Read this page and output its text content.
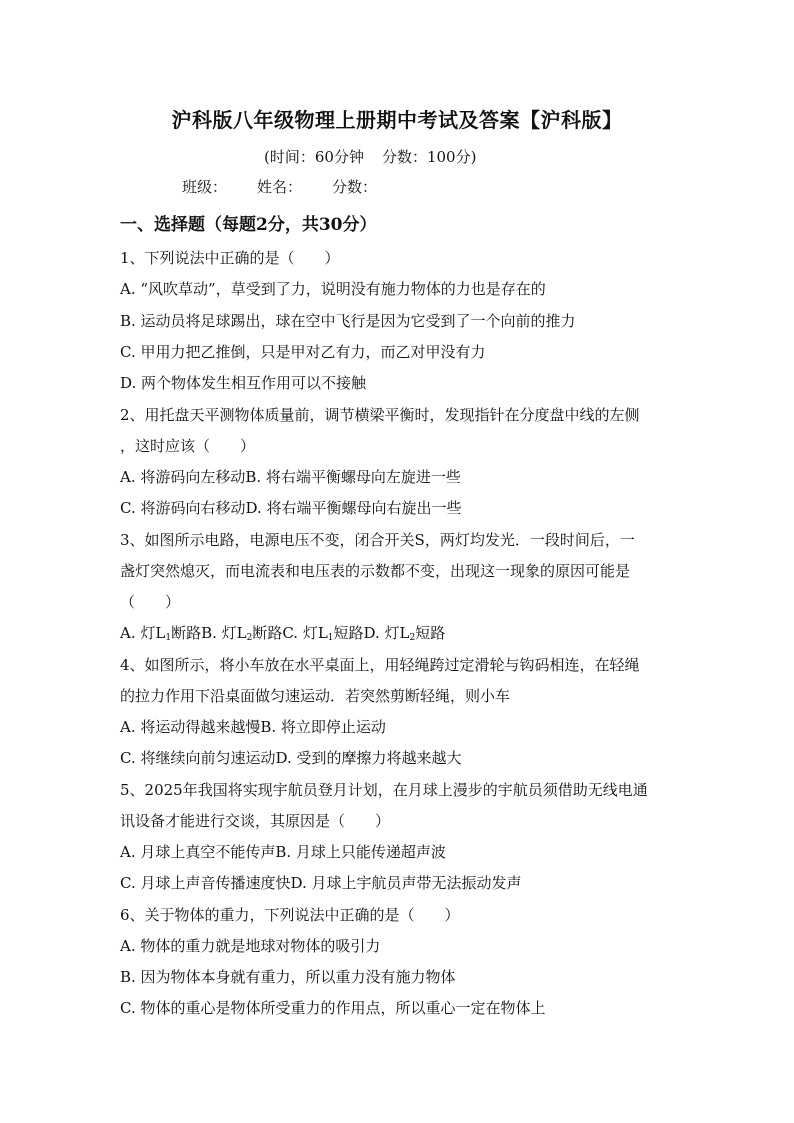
沪科版八年级物理上册期中考试及答案【沪科版】
(时间：60分钟 分数：100分)
班级： 姓名： 分数：
一、选择题（每题2分，共30分）
1、下列说法中正确的是（　　）
A. “风吹草动”，草受到了力，说明没有施力物体的力也是存在的
B. 运动员将足球踢出，球在空中飞行是因为它受到了一个向前的推力
C. 甲用力把乙推倒，只是甲对乙有力，而乙对甲没有力
D. 两个物体发生相互作用可以不接触
2、用托盘天平测物体质量前，调节横梁平衡时，发现指针在分度盘中线的左侧
，这时应该（　　）
A. 将游码向左移动B. 将右端平衡螺母向左旋进一些
C. 将游码向右移动D. 将右端平衡螺母向右旋出一些
3、如图所示电路，电源电压不变，闭合开关S，两灯均发光．一段时间后，一
盏灯突然熄灭，而电流表和电压表的示数都不变，出现这一现象的原因可能是
（　　）
A. 灯$L_1$断路B. 灯$L_2$断路C. 灯$L_1$短路D. 灯$L_2$短路
4、如图所示，将小车放在水平桌面上，用轻绳跨过定滑轮与钩码相连，在轻绳
的拉力作用下沿桌面做匀速运动．若突然剪断轻绳，则小车
A. 将运动得越来越慢B. 将立即停止运动
C. 将继续向前匀速运动D. 受到的摩擦力将越来越大
5、2025年我国将实现宇航员登月计划，在月球上漫步的宇航员须借助无线电通
讯设备才能进行交谈，其原因是（　　）
A. 月球上真空不能传声B. 月球上只能传递超声波
C. 月球上声音传播速度快D. 月球上宇航员声带无法振动发声
6、关于物体的重力，下列说法中正确的是（　　）
A. 物体的重力就是地球对物体的吸引力
B. 因为物体本身就有重力，所以重力没有施力物体
C. 物体的重心是物体所受重力的作用点，所以重心一定在物体上
